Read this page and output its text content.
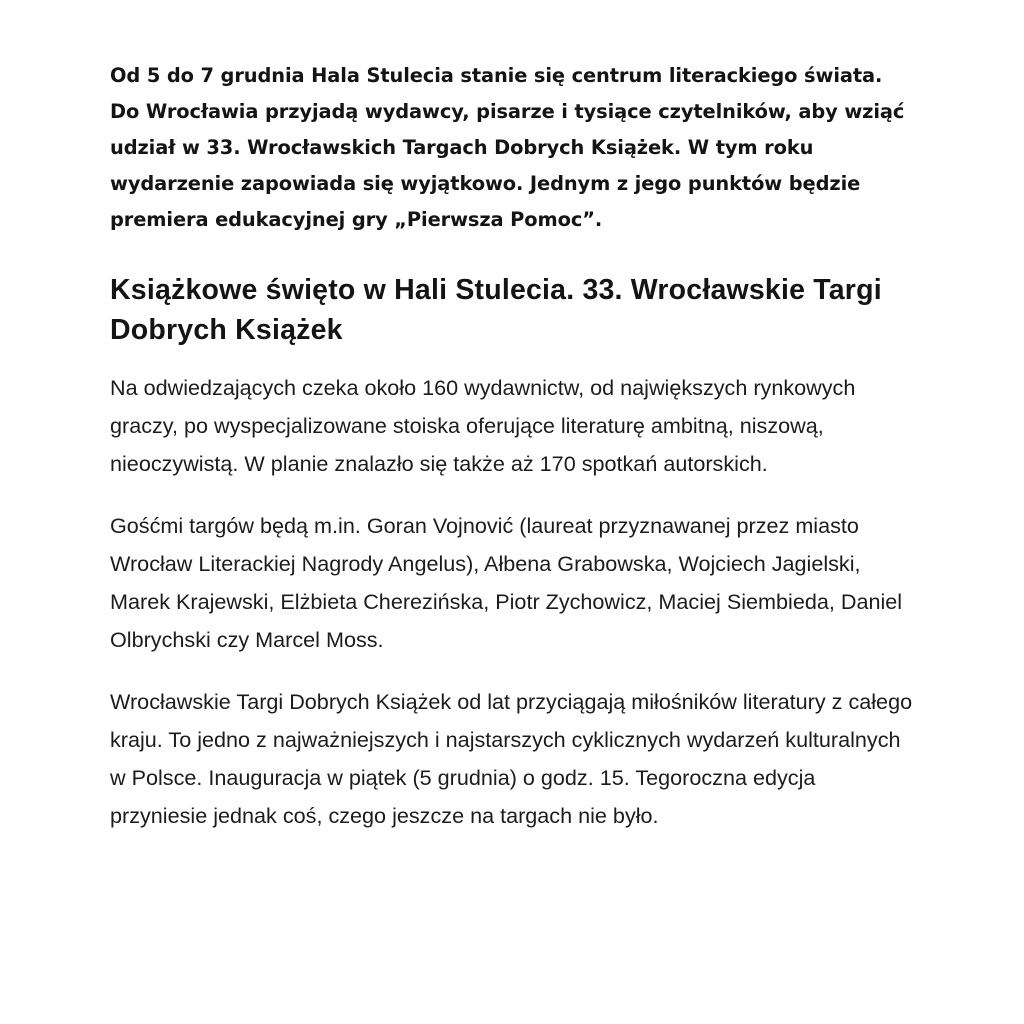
Od 5 do 7 grudnia Hala Stulecia stanie się centrum literackiego świata. Do Wrocławia przyjadą wydawcy, pisarze i tysiące czytelników, aby wziąć udział w 33. Wrocławskich Targach Dobrych Książek. W tym roku wydarzenie zapowiada się wyjątkowo. Jednym z jego punktów będzie premiera edukacyjnej gry „Pierwsza Pomoc”.

Książkowe święto w Hali Stulecia. 33. Wrocławskie Targi Dobrych Książek

Na odwiedzających czeka około 160 wydawnictw, od największych rynkowych graczy, po wyspecjalizowane stoiska oferujące literaturę ambitną, niszową, nieoczywistą. W planie znalazło się także aż 170 spotkań autorskich.

Gośćmi targów będą m.in. Goran Vojnović (laureat przyznawanej przez miasto Wrocław Literackiej Nagrody Angelus), Ałbena Grabowska, Wojciech Jagielski, Marek Krajewski, Elżbieta Cherezińska, Piotr Zychowicz, Maciej Siembieda, Daniel Olbrychski czy Marcel Moss.

Wrocławskie Targi Dobrych Książek od lat przyciągają miłośników literatury z całego kraju. To jedno z najważniejszych i najstarszych cyklicznych wydarzeń kulturalnych w Polsce. Inauguracja w piątek (5 grudnia) o godz. 15. Tegoroczna edycja przyniesie jednak coś, czego jeszcze na targach nie było.
